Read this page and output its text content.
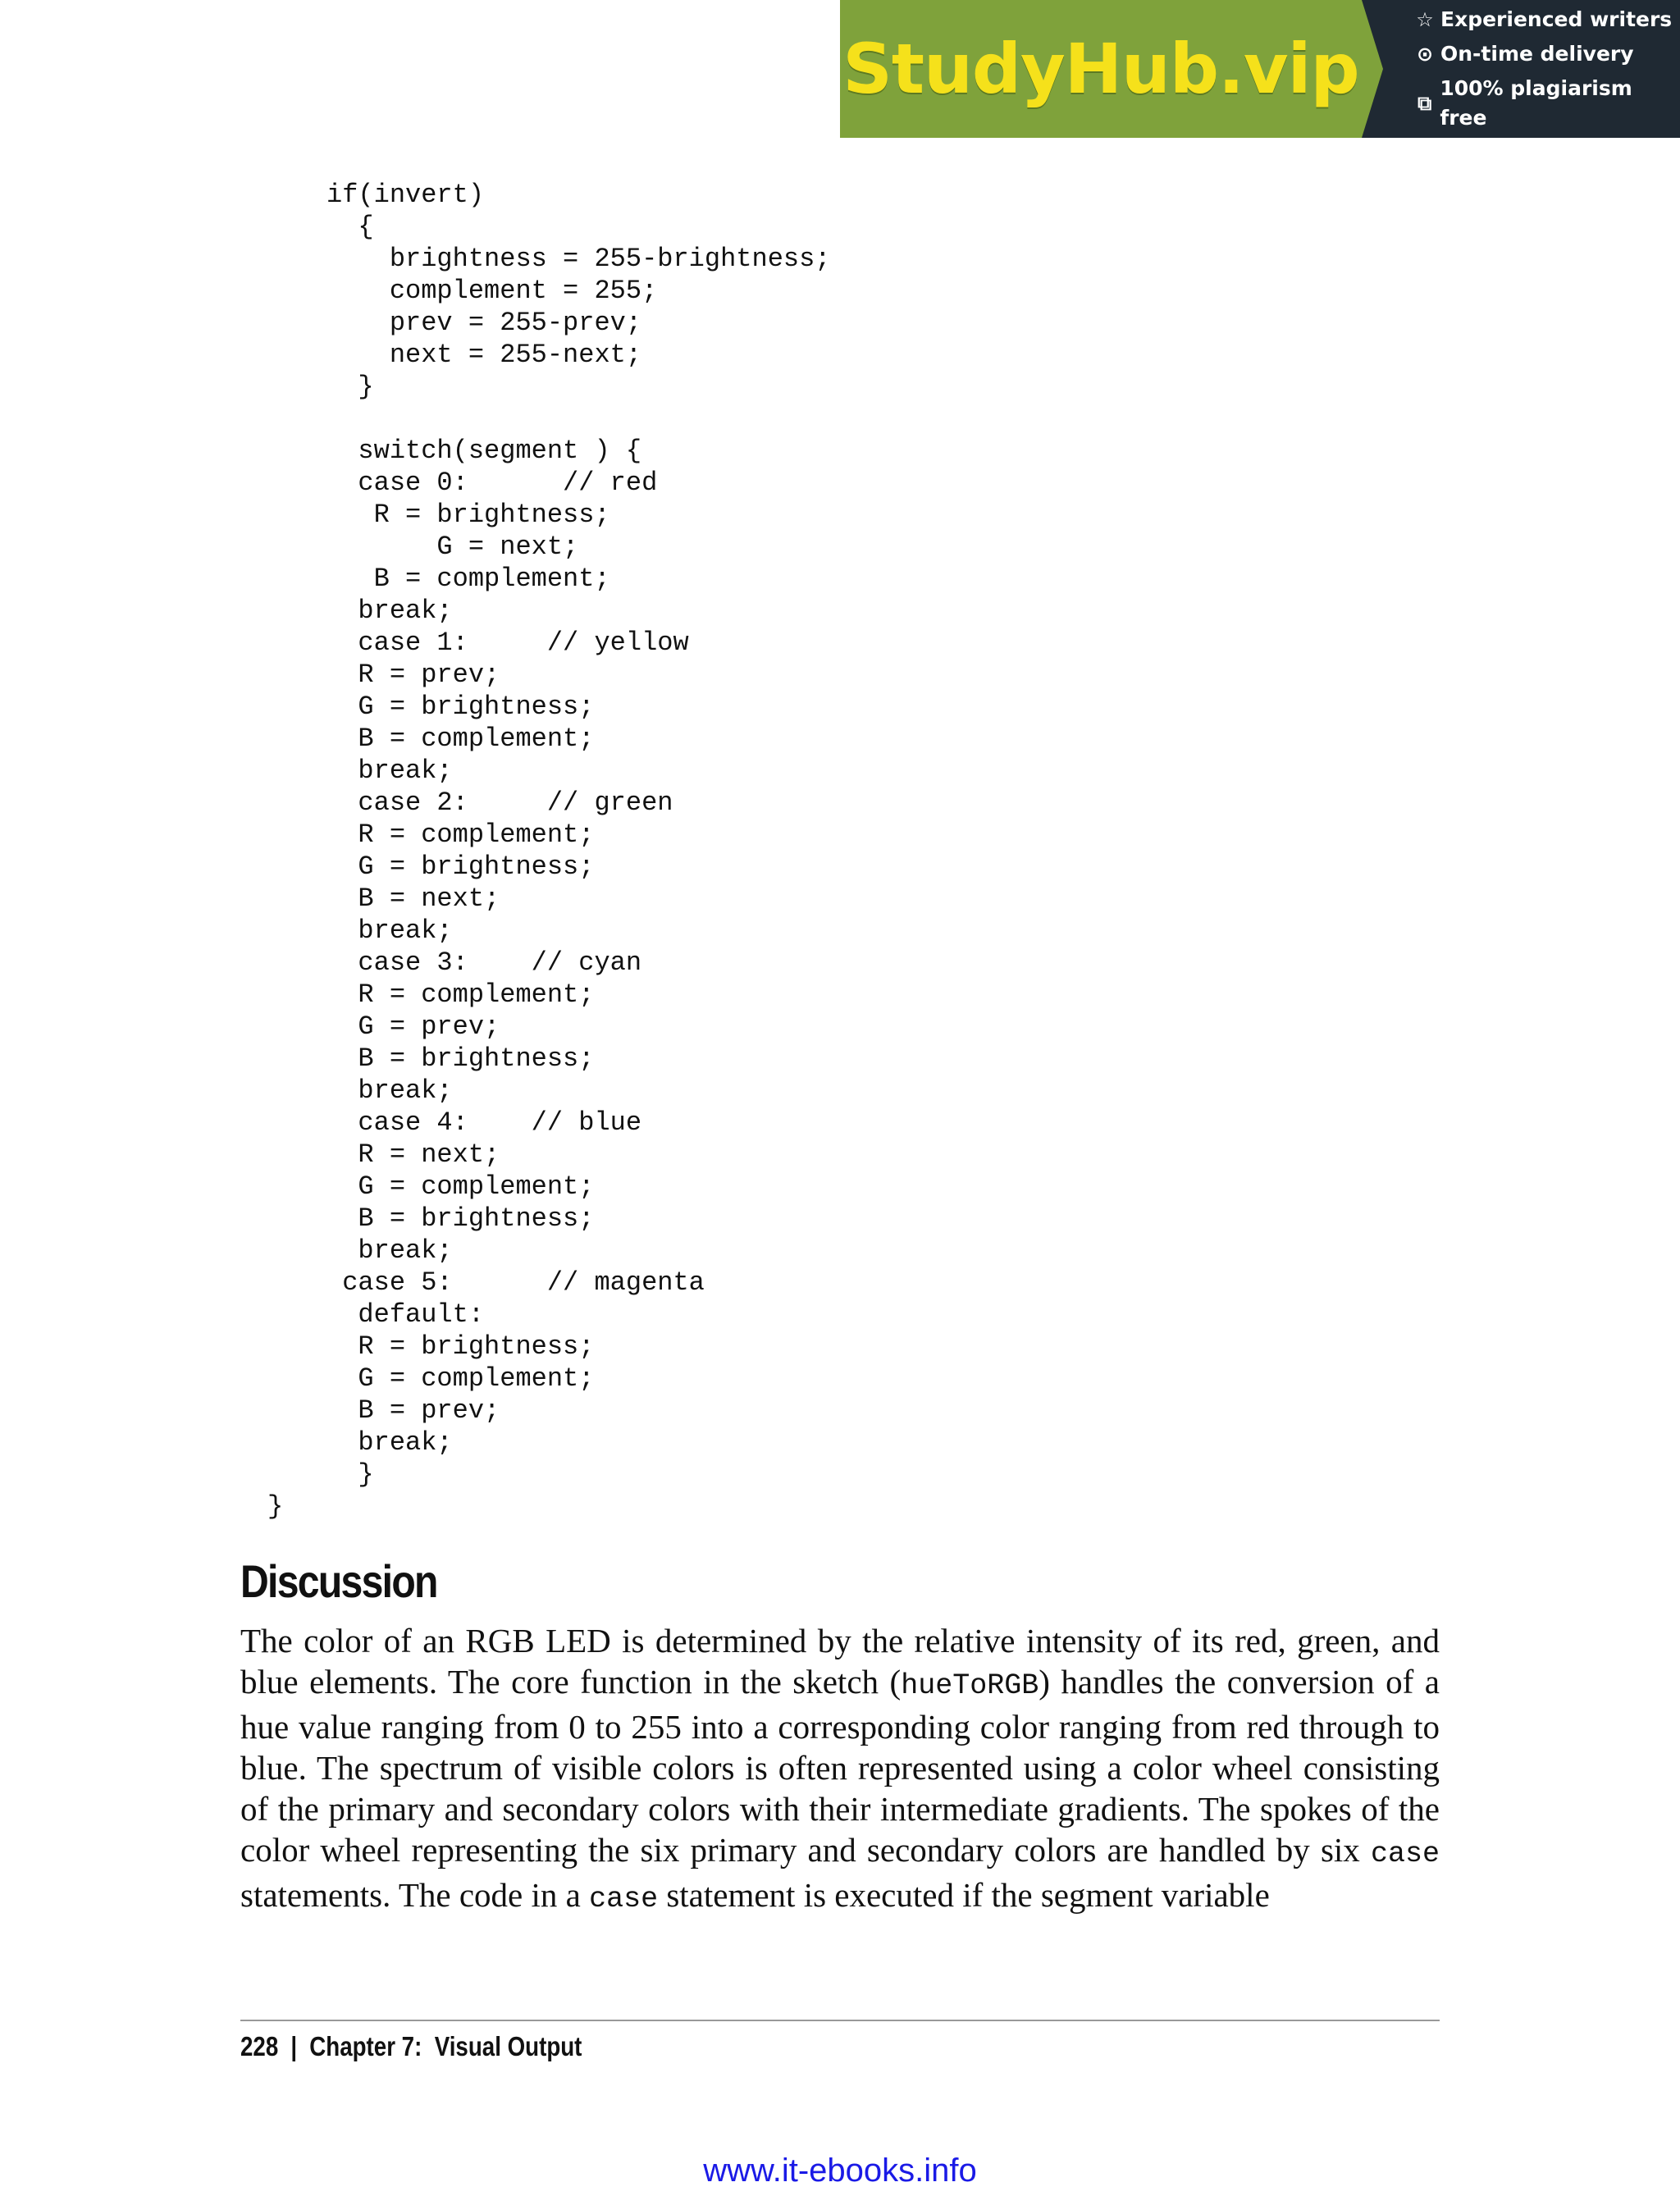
StudyHub.vip
☆ Experienced writers
⊙ On-time delivery
⧉
100% plagiarism free
if(invert)
{
brightness = 255-brightness;
complement = 255;
prev = 255-prev;
next = 255-next;
}
switch(segment ) {
case 0:      // red
R = brightness;
G = next;
B = complement;
break;
case 1:     // yellow
R = prev;
G = brightness;
B = complement;
break;
case 2:     // green
R = complement;
G = brightness;
B = next;
break;
case 3:    // cyan
R = complement;
G = prev;
B = brightness;
break;
case 4:    // blue
R = next;
G = complement;
B = brightness;
break;
case 5:      // magenta
default:
R = brightness;
G = complement;
B = prev;
break;
}
}
Discussion

The color of an RGB LED is determined by the relative intensity of its red, green, and blue elements. The core function in the sketch (hueToRGB) handles the conversion of a hue value ranging from 0 to 255 into a corresponding color ranging from red through to blue. The spectrum of visible colors is often represented using a color wheel consisting of the primary and secondary colors with their intermediate gradients. The spokes of the color wheel representing the six primary and secondary colors are handled by six case statements. The code in a case statement is executed if the segment variable

228 | Chapter 7:  Visual Output
www.it-ebooks.info
